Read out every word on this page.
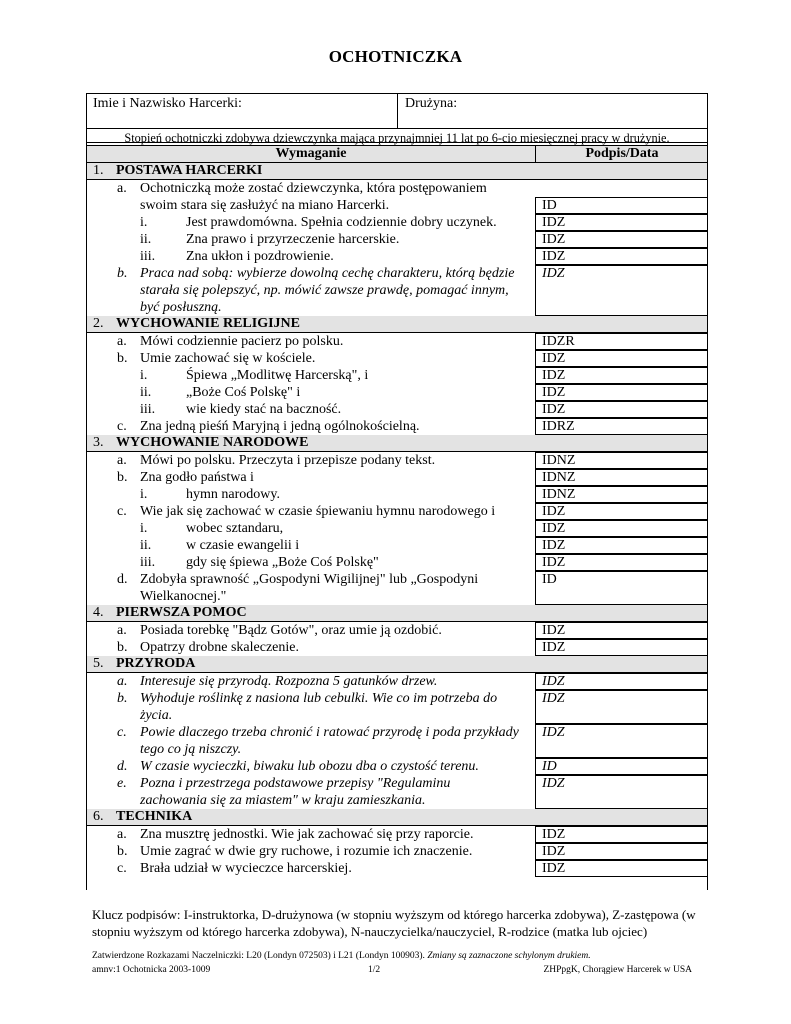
OCHOTNICZKA
Imie i Nazwisko Harcerki:	Drużyna:
Stopień ochotniczki zdobywa dziewczynka mająca przynajmniej 11 lat po 6-cio miesięcznej pracy w drużynie.
Wymaganie	Podpis/Data
1. POSTAWA HARCERKI
a. Ochotniczką może zostać dziewczynka, która postępowaniem
swoim stara się zasłużyć na miano Harcerki.	ID
i.	Jest prawdomówna. Spełnia codziennie dobry uczynek.	IDZ
ii. Zna prawo i przyrzeczenie harcerskie.	IDZ
iii. Zna ukłon i pozdrowienie.	IDZ
b. Praca nad sobą: wybierze dowolną cechę charakteru, którą będzie
starała się polepszyć, np. mówić zawsze prawdę, pomagać innym,
być posłuszną.
IDZ
2. WYCHOWANIE RELIGIJNE
a. Mówi codziennie pacierz po polsku.	IDZR
b. Umie zachować się w kościele.	IDZ
i.	Śpiewa „Modlitwę Harcerską", i	IDZ
ii. „Boże Coś Polskę" i	IDZ
iii. wie kiedy stać na baczność.	IDZ
c. Zna jedną pieśń Maryjną i jedną ogólnokościelną.	IDRZ
3. WYCHOWANIE NARODOWE
a. Mówi po polsku. Przeczyta i przepisze podany tekst.	IDNZ
b. Zna godło państwa i	IDNZ
i.	hymn narodowy.	IDNZ
c. Wie jak się zachować w czasie śpiewaniu hymnu narodowego i	IDZ
i.	wobec sztandaru,	IDZ
ii. w czasie ewangelii i	IDZ
iii. gdy się śpiewa „Boże Coś Polskę"	IDZ
d. Zdobyła sprawność „Gospodyni Wigilijnej" lub „Gospodyni
Wielkanocnej."
ID
4. PIERWSZA POMOC
a. Posiada torebkę "Bądz Gotów", oraz umie ją ozdobić.	IDZ
b. Opatrzy drobne skaleczenie.	IDZ
5. PRZYRODA
a. Interesuje się przyrodą. Rozpozna 5 gatunków drzew.	IDZ
b. Wyhoduje roślinkę z nasiona lub cebulki. Wie co im potrzeba do
życia.
IDZ
c. Powie dlaczego trzeba chronić i ratować przyrodę i poda przykłady
tego co ją niszczy.
IDZ
d. W czasie wycieczki, biwaku lub obozu dba o czystość terenu.	ID
e. Pozna i przestrzega podstawowe przepisy "Regulaminu
zachowania się za miastem" w kraju zamieszkania.
IDZ
6. TECHNIKA
a. Zna musztrę jednostki. Wie jak zachować się przy raporcie.	IDZ
b. Umie zagrać w dwie gry ruchowe, i rozumie ich znaczenie.	IDZ
c. Brała udział w wycieczce harcerskiej.	IDZ
Klucz podpisów: I-instruktorka, D-drużynowa (w stopniu wyższym od którego harcerka zdobywa), Z-zastępowa (w stopniu wyższym od którego harcerka zdobywa), N-nauczycielka/nauczyciel, R-rodzice (matka lub ojciec)
Zatwierdzone Rozkazami Naczelniczki: L20 (Londyn 072503) i L21 (Londyn 100903). Zmiany są zaznaczone schylonym drukiem.
amnv:1 Ochotnicka 2003-1009	1/2	ZHPpgK, Chorągiew Harcerek w USA
